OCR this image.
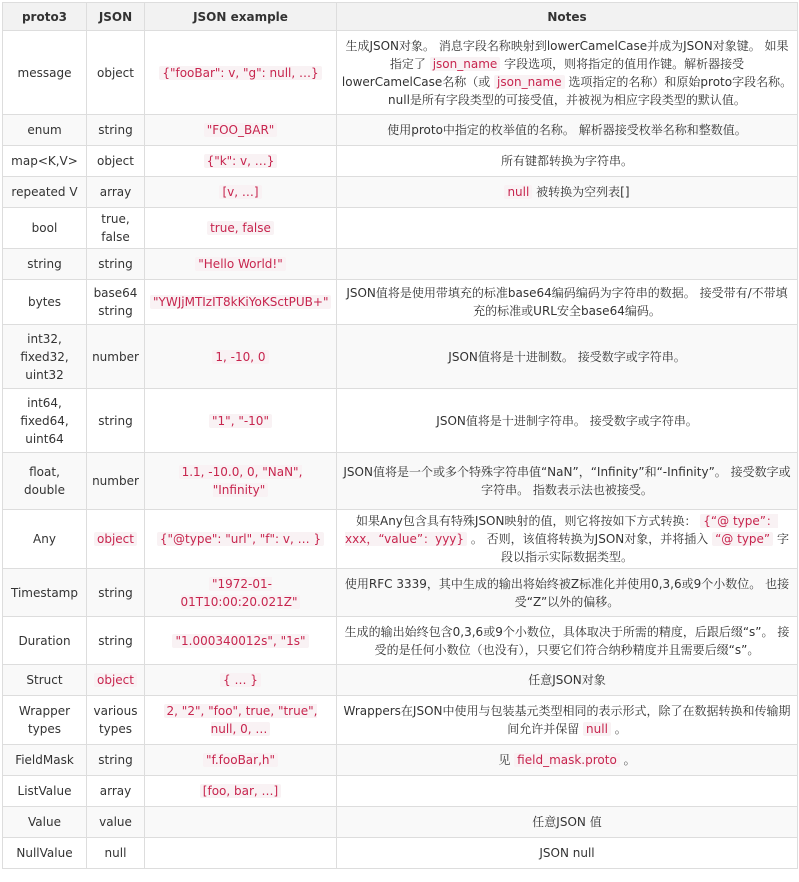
proto3	JSON	JSON example	Notes
message	object	{"fooBar": v, "g": null, …}	生成JSON对象。 消息字段名称映射到lowerCamelCase并成为JSON对象键。 如果指定了 json_name 字段选项，则将指定的值用作键。解析器接受lowerCamelCase名称（或 json_name 选项指定的名称）和原始proto字段名称。 null是所有字段类型的可接受值，并被视为相应字段类型的默认值。
enum	string	"FOO_BAR"	使用proto中指定的枚举值的名称。 解析器接受枚举名称和整数值。
map<K,V>	object	{"k": v, …}	所有键都转换为字符串。
repeated V	array	[v, …]	null 被转换为空列表[]
bool	true, false	true, false	
string	string	"Hello World!"	
bytes	base64 string	"YWJjMTIzIT8kKiYoKSctPUB+"	JSON值将是使用带填充的标准base64编码编码为字符串的数据。 接受带有/不带填充的标准或URL安全base64编码。
int32, fixed32, uint32	number	1, -10, 0	JSON值将是十进制数。 接受数字或字符串。
int64, fixed64, uint64	string	"1", "-10"	JSON值将是十进制字符串。 接受数字或字符串。
float, double	number	1.1, -10.0, 0, "NaN", "Infinity"	JSON值将是一个或多个特殊字符串值“NaN”，“Infinity”和“-Infinity”。 接受数字或字符串。 指数表示法也被接受。
Any	object	{"@type": "url", "f": v, … }	如果Any包含具有特殊JSON映射的值，则它将按如下方式转换： {“@ type”：xxx，“value”：yyy} 。 否则，该值将转换为JSON对象，并将插入 “@ type” 字段以指示实际数据类型。
Timestamp	string	"1972-01-01T10:00:20.021Z"	使用RFC 3339，其中生成的输出将始终被Z标准化并使用0,3,6或9个小数位。 也接受“Z”以外的偏移。
Duration	string	"1.000340012s", "1s"	生成的输出始终包含0,3,6或9个小数位，具体取决于所需的精度，后跟后缀“s”。 接受的是任何小数位（也没有），只要它们符合纳秒精度并且需要后缀“s”。
Struct	object	{ … }	任意JSON对象
Wrapper types	various types	2, "2", "foo", true, "true", null, 0, …	Wrappers在JSON中使用与包装基元类型相同的表示形式，除了在数据转换和传输期间允许并保留 null 。
FieldMask	string	"f.fooBar,h"	见 field_mask.proto 。
ListValue	array	[foo, bar, …]	
Value	value		任意JSON 值
NullValue	null		JSON null
